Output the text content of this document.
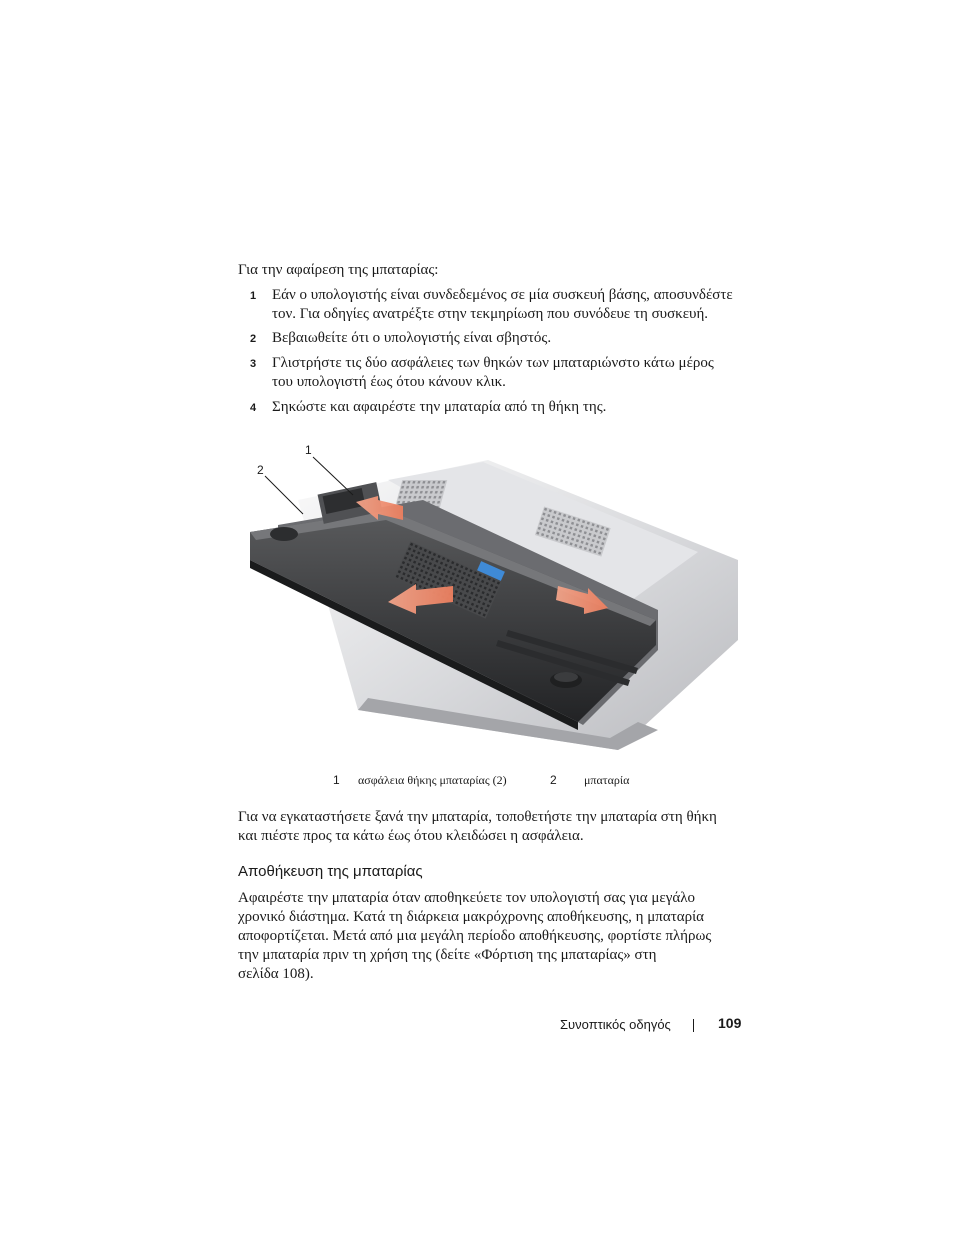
Για την αφαίρεση της μπαταρίας:

1 Εάν ο υπολογιστής είναι συνδεδεμένος σε μία συσκευή βάσης, αποσυνδέστε
τον. Για οδηγίες ανατρέξτε στην τεκμηρίωση που συνόδευε τη συσκευή.
2 Βεβαιωθείτε ότι ο υπολογιστής είναι σβηστός.
3 Γλιστρήστε τις δύο ασφάλειες των θηκών των μπαταριώνστο κάτω μέρος
του υπολογιστή έως ότου κάνουν κλικ.
4 Σηκώστε και αφαιρέστε την μπαταρία από τη θήκη της.
1
2
1 ασφάλεια θήκης μπαταρίας (2)	2 μπαταρία

Για να εγκαταστήσετε ξανά την μπαταρία, τοποθετήστε την μπαταρία στη θήκη
και πιέστε προς τα κάτω έως ότου κλειδώσει η ασφάλεια.

Αποθήκευση της μπαταρίας

Αφαιρέστε την μπαταρία όταν αποθηκεύετε τον υπολογιστή σας για μεγάλο
χρονικό διάστημα. Κατά τη διάρκεια μακρόχρονης αποθήκευσης, η μπαταρία
αποφορτίζεται. Μετά από μια μεγάλη περίοδο αποθήκευσης, φορτίστε πλήρως
την μπαταρία πριν τη χρήση της (δείτε «Φόρτιση της μπαταρίας» στη
σελίδα 108).

Συνοπτικός οδηγός	109
